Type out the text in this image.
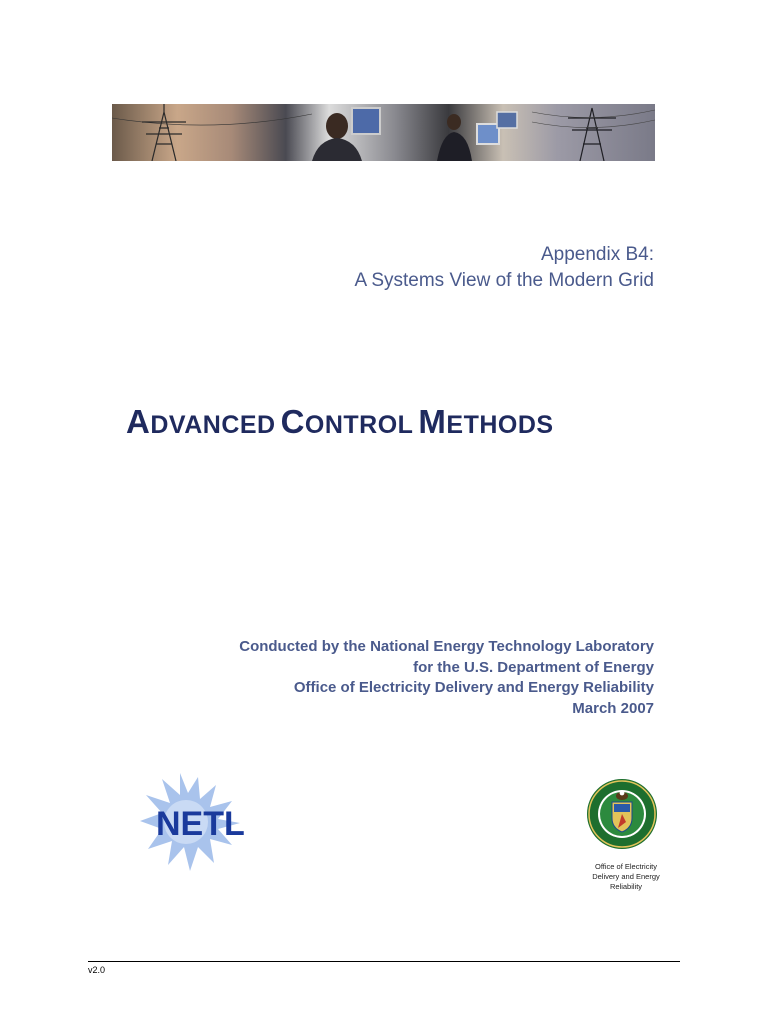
Appendix B4:
A Systems View of the Modern Grid
ADVANCED CONTROL METHODS
Conducted by the National Energy Technology Laboratory
for the U.S. Department of Energy
Office of Electricity Delivery and Energy Reliability
March 2007
NETL
Office of Electricity
Delivery and Energy
Reliability
v2.0
